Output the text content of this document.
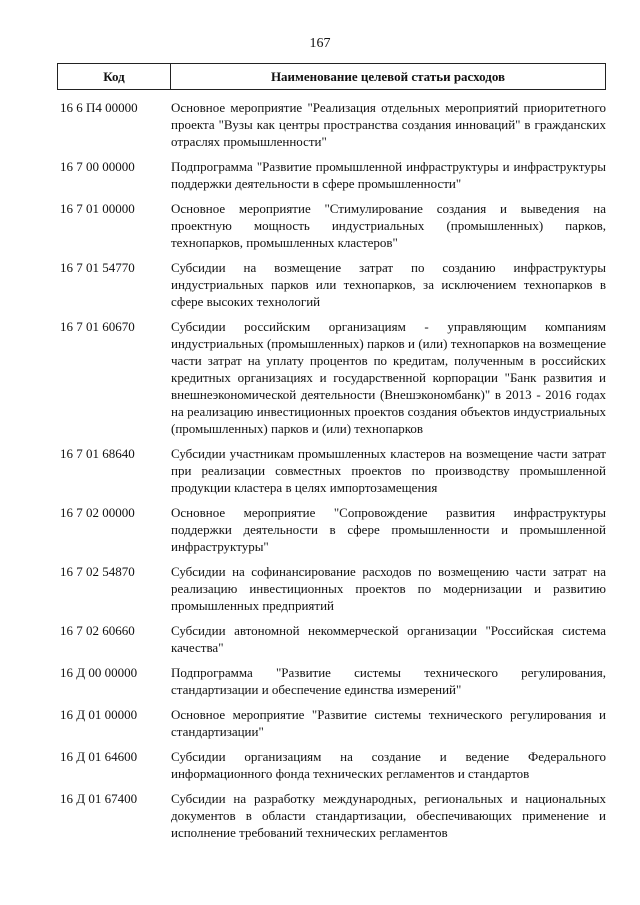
167
Код	Наименование целевой статьи расходов
16 6 П4 00000	Основное мероприятие "Реализация отдельных мероприятий приоритетного проекта "Вузы как центры пространства создания инноваций" в гражданских отраслях промышленности"
16 7 00 00000	Подпрограмма "Развитие промышленной инфраструктуры и инфраструктуры поддержки деятельности в сфере промышленности"
16 7 01 00000	Основное мероприятие "Стимулирование создания и выведения на проектную мощность индустриальных (промышленных) парков, технопарков, промышленных кластеров"
16 7 01 54770	Субсидии на возмещение затрат по созданию инфраструктуры индустриальных парков или технопарков, за исключением технопарков в сфере высоких технологий
16 7 01 60670	Субсидии российским организациям - управляющим компаниям индустриальных (промышленных) парков и (или) технопарков на возмещение части затрат на уплату процентов по кредитам, полученным в российских кредитных организациях и государственной корпорации "Банк развития и внешнеэкономической деятельности (Внешэкономбанк)" в 2013 - 2016 годах на реализацию инвестиционных проектов создания объектов индустриальных (промышленных) парков и (или) технопарков
16 7 01 68640	Субсидии участникам промышленных кластеров на возмещение части затрат при реализации совместных проектов по производству промышленной продукции кластера в целях импортозамещения
16 7 02 00000	Основное мероприятие "Сопровождение развития инфраструктуры поддержки деятельности в сфере промышленности и промышленной инфраструктуры"
16 7 02 54870	Субсидии на софинансирование расходов по возмещению части затрат на реализацию инвестиционных проектов по модернизации и развитию промышленных предприятий
16 7 02 60660	Субсидии автономной некоммерческой организации "Российская система качества"
16 Д 00 00000	Подпрограмма "Развитие системы технического регулирования, стандартизации и обеспечение единства измерений"
16 Д 01 00000	Основное мероприятие "Развитие системы технического регулирования и стандартизации"
16 Д 01 64600	Субсидии организациям на создание и ведение Федерального информационного фонда технических регламентов и стандартов
16 Д 01 67400	Субсидии на разработку международных, региональных и национальных документов в области стандартизации, обеспечивающих применение и исполнение требований технических регламентов
